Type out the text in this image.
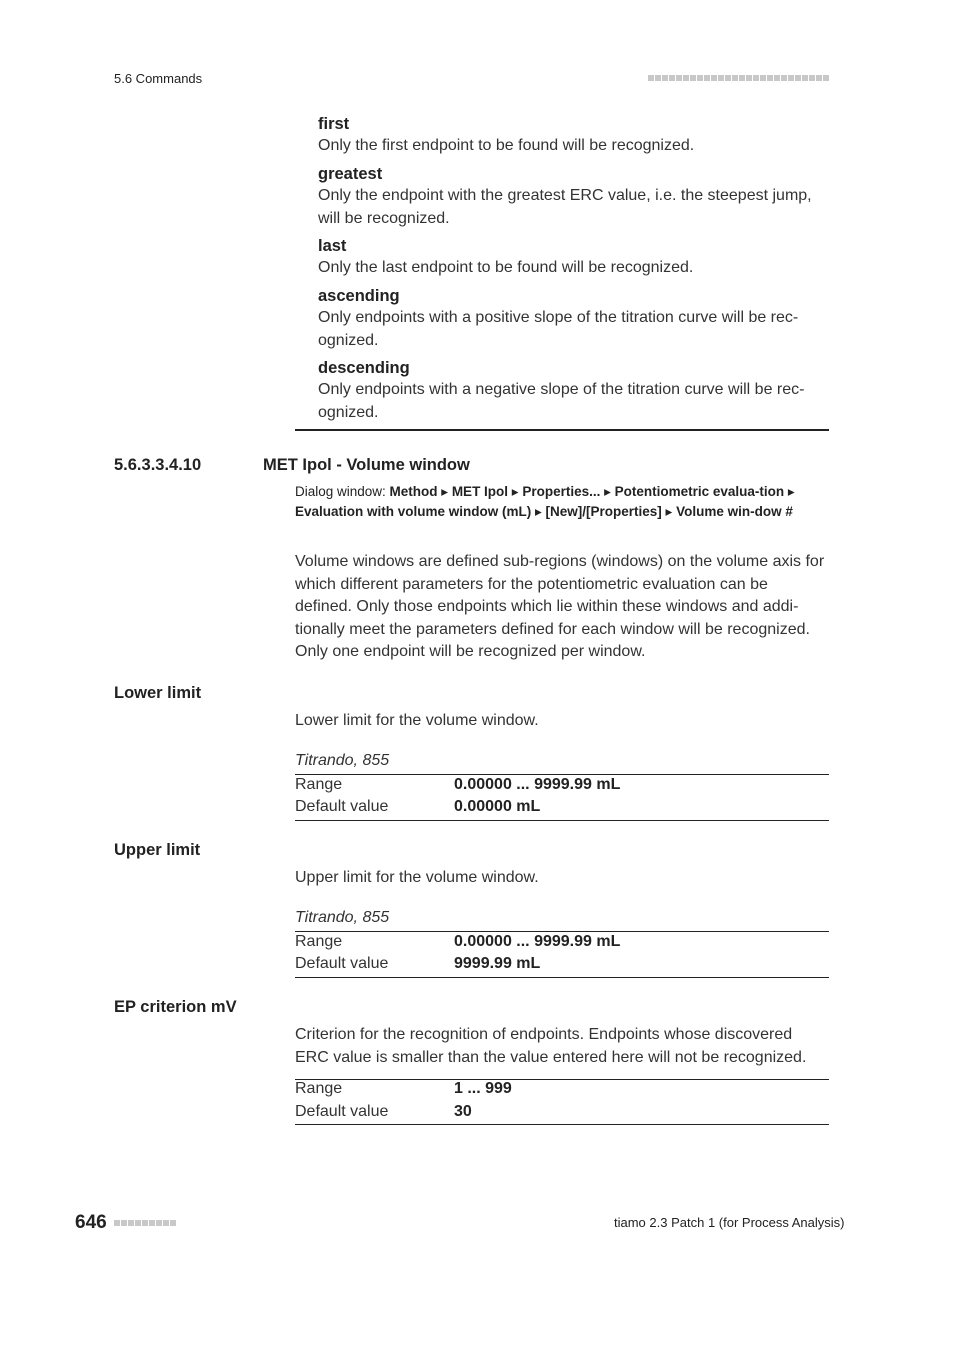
5.6 Commands
first
Only the first endpoint to be found will be recognized.
greatest
Only the endpoint with the greatest ERC value, i.e. the steepest jump, will be recognized.
last
Only the last endpoint to be found will be recognized.
ascending
Only endpoints with a positive slope of the titration curve will be rec-ognized.
descending
Only endpoints with a negative slope of the titration curve will be rec-ognized.
5.6.3.3.4.10	MET Ipol - Volume window
Dialog window: Method ▸ MET Ipol ▸ Properties... ▸ Potentiometric evalua-tion ▸ Evaluation with volume window (mL) ▸ [New]/[Properties] ▸ Volume win-dow #
Volume windows are defined sub-regions (windows) on the volume axis for which different parameters for the potentiometric evaluation can be defined. Only those endpoints which lie within these windows and addi-tionally meet the parameters defined for each window will be recognized. Only one endpoint will be recognized per window.
Lower limit
Lower limit for the volume window.
Titrando, 855
Range	0.00000 ... 9999.99 mL
Default value	0.00000 mL
Upper limit
Upper limit for the volume window.
Titrando, 855
Range	0.00000 ... 9999.99 mL
Default value	9999.99 mL
EP criterion mV
Criterion for the recognition of endpoints. Endpoints whose discovered ERC value is smaller than the value entered here will not be recognized.
Range	1 ... 999
Default value	30
646	tiamo 2.3 Patch 1 (for Process Analysis)
